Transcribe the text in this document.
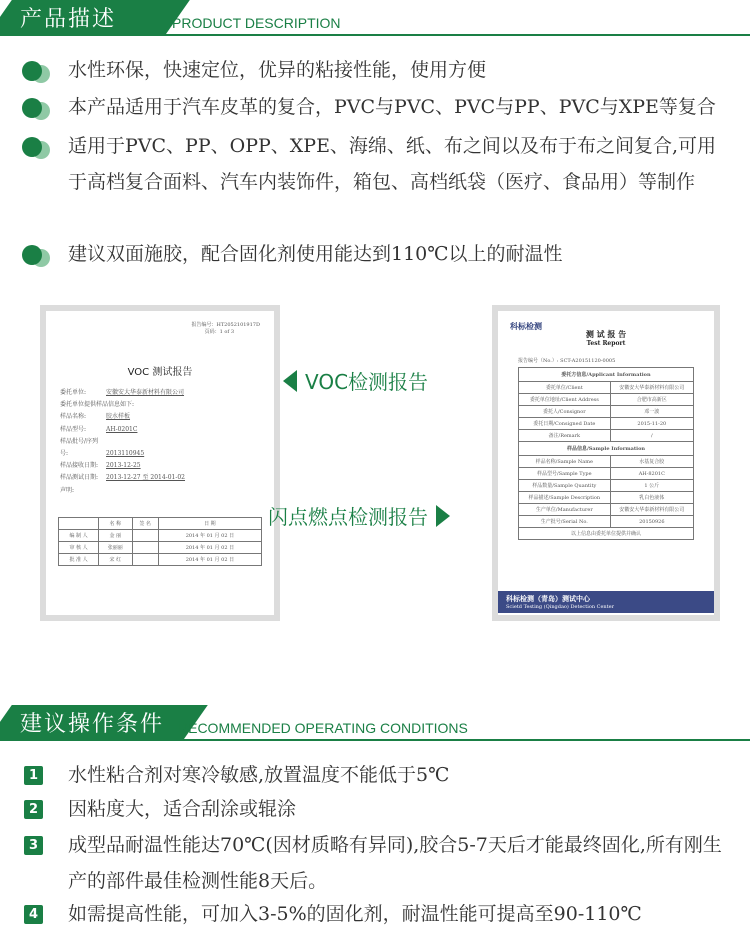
产品描述	PRODUCT DESCRIPTION
水性环保，快速定位，优异的粘接性能，使用方便
本产品适用于汽车皮革的复合，PVC与PVC、PVC与PP、PVC与XPE等复合
适用于PVC、PP、OPP、XPE、海绵、纸、布之间以及布于布之间复合,可用于高档复合面料、汽车内装饰件，箱包、高档纸袋（医疗、食品用）等制作
建议双面施胶，配合固化剂使用能达到110℃以上的耐温性
报告编号：HT2052101917D
页码：1 of 3
VOC 测试报告
委托单位:	安徽安大华泰新材料有限公司
委托单位提供样品信息如下:
样品名称:	胶水样板
样品型号:	AH-0201C
样品批号/序列号:	2013110945
样品接收日期: 2013-12-25
样品测试日期: 2013-12-27 至 2014-01-02
声明:
	名 称	签 名	日 期
编 制 人	金 丽		2014 年 01 月 02 日
审 核 人	张丽丽		2014 年 01 月 02 日
批 准 人	宋 红		2014 年 01 月 02 日
VOC检测报告
闪点燃点检测报告
科标检测
测 试 报 告
Test Report
报告编号（No.）: SCT-A20151120-0005
委托方信息/Applicant Information	
委托单位/Client	安徽安大华泰新材料有限公司
委托单位地址/Client Address	合肥市高新区
委托人/Consignor	邓一波
委托日期/Consigned Date	2015-11-20
备注/Remark	/
样品信息/Sample Information	
样品名称/Sample Name	水基复合胶
样品型号/Sample Type	AH-8201C
样品数量/Sample Quantity	1 公斤
样品描述/Sample Description	乳白色液体
生产单位/Manufacturer	安徽安大华泰新材料有限公司
生产批号/Serial No.	20150926
以上信息由委托单位提供并确认	
科标检测（青岛）测试中心
Scietd Testing (Qingdao) Detection Center
建议操作条件 RECOMMENDED OPERATING CONDITIONS
1 水性粘合剂对寒冷敏感,放置温度不能低于5℃
2 因粘度大，适合刮涂或辊涂
3 成型品耐温性能达70℃(因材质略有异同),胶合5-7天后才能最终固化,所有刚生产的部件最佳检测性能8天后。
4 如需提高性能，可加入3-5%的固化剂，耐温性能可提高至90-110℃
